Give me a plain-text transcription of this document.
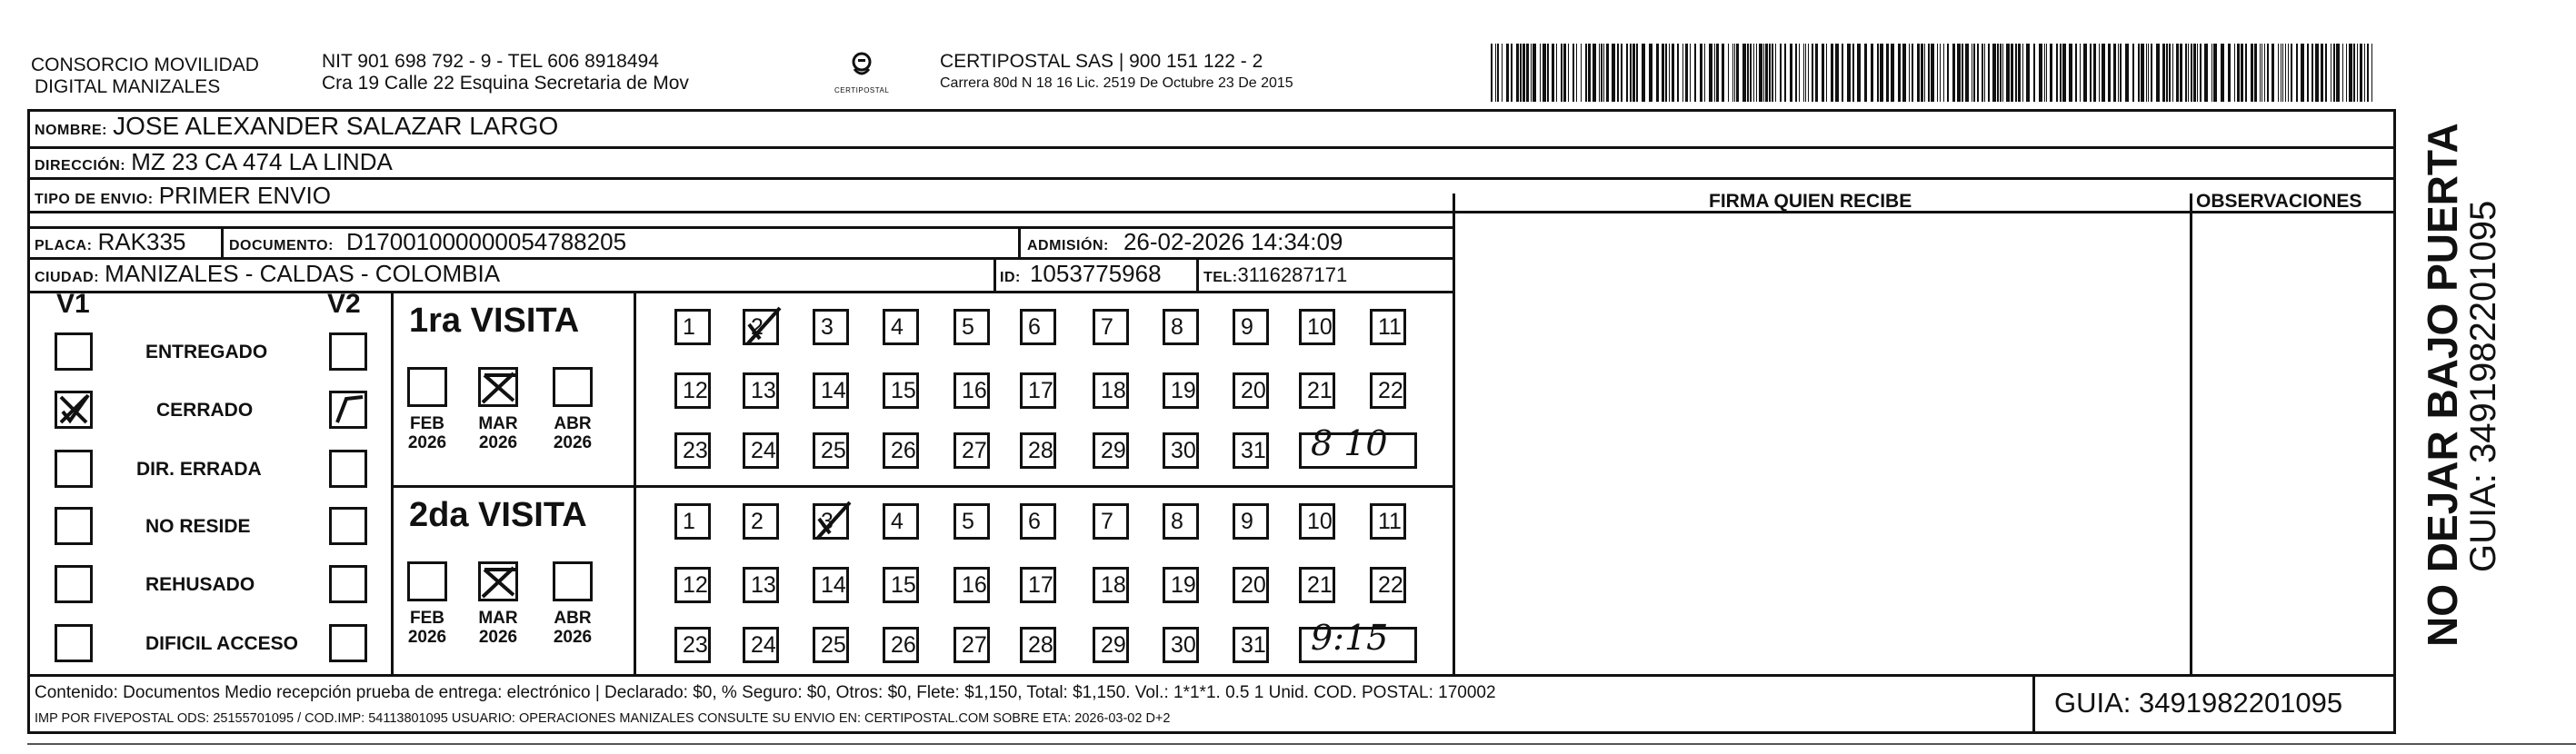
CONSORCIO MOVILIDAD
DIGITAL MANIZALES
NIT 901 698 792 - 9 - TEL 606 8918494
Cra 19 Calle 22 Esquina Secretaria de Mov	CERTIPOSTAL
CERTIPOSTAL SAS | 900 151 122 - 2
Carrera 80d N 18 16 Lic. 2519 De Octubre 23 De 2015
NOMBRE: JOSE ALEXANDER SALAZAR LARGO
DIRECCIÓN: MZ 23 CA 474 LA LINDA
TIPO DE ENVIO: PRIMER ENVIO	FIRMA QUIEN RECIBE	OBSERVACIONES
PLACA: RAK335	DOCUMENTO: D17001000000054788205	ADMISIÓN: 26-02-2026 14:34:09
CIUDAD: MANIZALES - CALDAS - COLOMBIA	ID: 1053775968	TEL:3116287171
V1	V2
ENTREGADO
CERRADO
DIR. ERRADA
NO RESIDE
REHUSADO
DIFICIL ACCESO
1ra VISITA
FEB
2026
MAR
2026
ABR
2026
1	2	3	4	5	6	7	8	9	10	11
12	13	14	15	16	17	18	19	20	21	22
23	24	25	26	27	28	29	30	31 8 10
2da VISITA
FEB
2026
MAR
2026
ABR
2026
1	2	3	4	5	6	7	8	9	10	11
12	13	14	15	16	17	18	19	20	21	22
23	24	25	26	27	28	29	30	31 9:15	NO DEJAR BAJO PUERTA
GUIA: 3491982201095
Contenido: Documentos Medio recepción prueba de entrega: electrónico | Declarado: $0, % Seguro: $0, Otros: $0, Flete: $1,150, Total: $1,150. Vol.: 1*1*1. 0.5 1 Unid. COD. POSTAL: 170002
IMP POR FIVEPOSTAL ODS: 25155701095 / COD.IMP: 54113801095 USUARIO: OPERACIONES MANIZALES CONSULTE SU ENVIO EN: CERTIPOSTAL.COM SOBRE ETA: 2026-03-02 D+2	GUIA: 3491982201095
